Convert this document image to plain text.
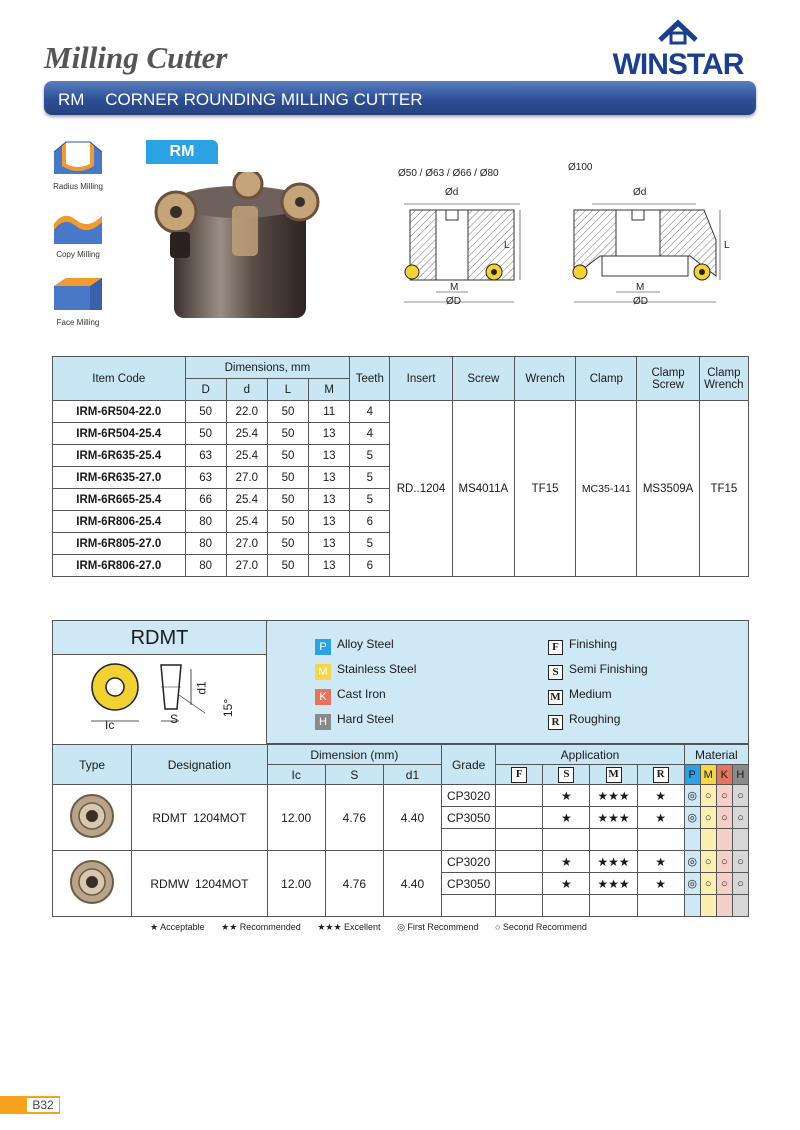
Milling Cutter	WINSTAR
RM CORNER ROUNDING MILLING CUTTER
Radius Milling
Copy Milling
Face Milling
RM
Ø50 / Ø63 / Ø66 / Ø80
Ø100
Ød
L
M
ØD
Ød
L
M
ØD
Item Code	Dimensions, mm				Teeth	Insert	Screw	Wrench	Clamp	Clamp Screw	Clamp Wrench
	D	d	L	M							
IRM-6R504-22.0	50	22.0	50	11	4	RD..1204	MS4011A	TF15	MC35-141	MS3509A	TF15
IRM-6R504-25.4	50	25.4	50	13	4						
IRM-6R635-25.4	63	25.4	50	13	5						
IRM-6R635-27.0	63	27.0	50	13	5						
IRM-6R665-25.4	66	25.4	50	13	5						
IRM-6R806-25.4	80	25.4	50	13	6						
IRM-6R805-27.0	80	27.0	50	13	5						
IRM-6R806-27.0	80	27.0	50	13	6						
RDMT
Ic	S
d1
15°
P Alloy Steel
M Stainless Steel
K Cast Iron
H Hard Steel
F Finishing
S Semi Finishing
M Medium
R Roughing
Type	Designation	Dimension (mm)			Grade	Application				Material			
		Ic	S	d1		F	S	M	R	P	M	K	H
	RDMT 1204MOT	12.00	4.76	4.40	CP3020		★	★★★	★	◎	○	○	○
					CP3050		★	★★★	★	◎	○	○	○

	RDMW 1204MOT	12.00	4.76	4.40	CP3020		★	★★★	★	◎	○	○	○
					CP3050		★	★★★	★	◎	○	○	○

★ Acceptable ★★ Recommended ★★★ Excellent ◎ First Recommend ○ Second Recommend
B32
